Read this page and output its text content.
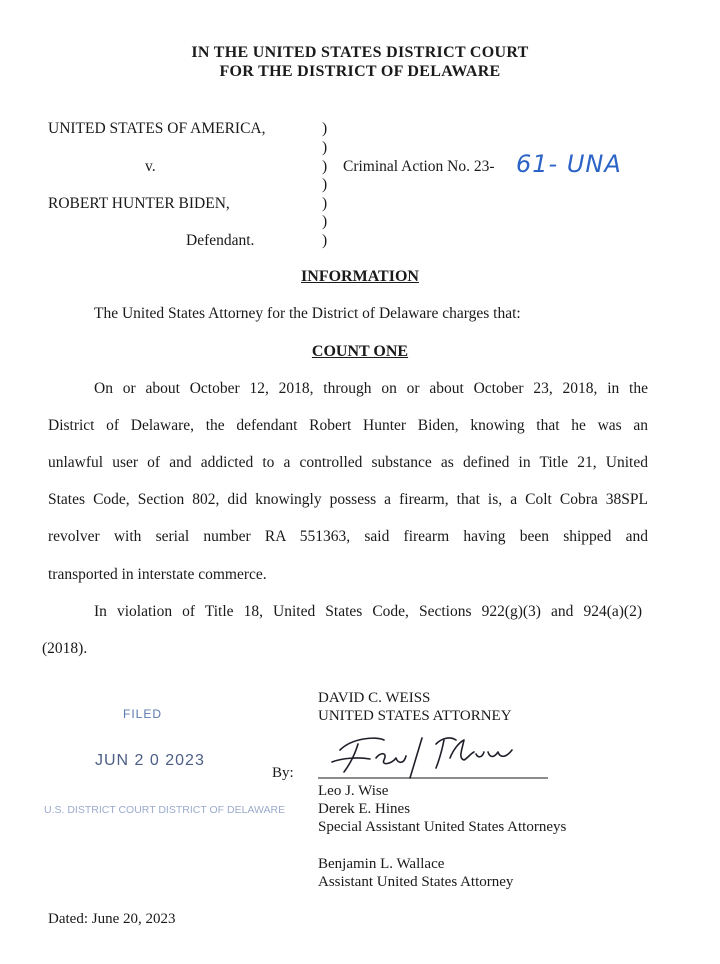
IN THE UNITED STATES DISTRICT COURT
FOR THE DISTRICT OF DELAWARE
UNITED STATES OF AMERICA,
v.
ROBERT HUNTER BIDEN,
Defendant.
)
)
)
)
)
)
)
Criminal Action No. 23- 61- UNA
INFORMATION
The United States Attorney for the District of Delaware charges that:
COUNT ONE
On or about October 12, 2018, through on or about October 23, 2018, in the
District of Delaware, the defendant Robert Hunter Biden, knowing that he was an
unlawful user of and addicted to a controlled substance as defined in Title 21, United
States Code, Section 802, did knowingly possess a firearm, that is, a Colt Cobra 38SPL
revolver with serial number RA 551363, said firearm having been shipped and
transported in interstate commerce.
In violation of Title 18, United States Code, Sections 922(g)(3) and 924(a)(2)
(2018).
FILED
JUN 2 0 2023
U.S. DISTRICT COURT DISTRICT OF DELAWARE
DAVID C. WEISS
UNITED STATES ATTORNEY
By:
Leo J. Wise
Derek E. Hines
Special Assistant United States Attorneys
Benjamin L. Wallace
Assistant United States Attorney
Dated: June 20, 2023
